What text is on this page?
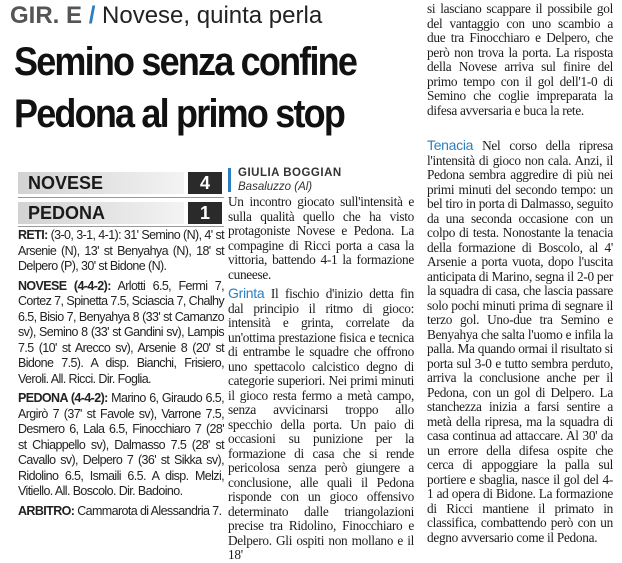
GIR. E / Novese, quinta perla
Semino senza confine
Pedona al primo stop
NOVESE	4
PEDONA	1

RETI: (3-0, 3-1, 4-1): 31' Semino (N), 4' st Arsenie (N), 13' st Benyahya (N), 18' st Delpero (P), 30' st Bidone (N).

NOVESE (4-4-2): Arlotti 6.5, Fermi 7, Cortez 7, Spinetta 7.5, Sciascia 7, Chalhy 6.5, Bisio 7, Benyahya 8 (33' st Camanzo sv), Semino 8 (33' st Gandini sv), Lampis 7.5 (10' st Arecco sv), Arsenie 8 (20' st Bidone 7.5). A disp. Bianchi, Frisiero, Veroli. All. Ricci. Dir. Foglia.

PEDONA (4-4-2): Marino 6, Giraudo 6.5, Argirò 7 (37' st Favole sv), Varrone 7.5, Desmero 6, Lala 6.5, Finocchiaro 7 (28' st Chiappello sv), Dalmasso 7.5 (28' st Cavallo sv), Delpero 7 (36' st Sikka sv), Ridolino 6.5, Ismaili 6.5. A disp. Melzi, Vitiello. All. Boscolo. Dir. Badoino.

ARBITRO: Cammarota di Alessandria 7.

GIULIA BOGGIAN
Basaluzzo (Al)
Un incontro giocato sull'intensità e sulla qualità quello che ha visto protagoniste Novese e Pedona. La compagine di Ricci porta a casa la vittoria, battendo 4-1 la formazione cuneese.
Grinta Il fischio d'inizio detta fin dal principio il ritmo di gioco: intensità e grinta, correlate da un'ottima prestazione fisica e tecnica di entrambe le squadre che offrono uno spettacolo calcistico degno di categorie superiori. Nei primi minuti il gioco resta fermo a metà campo, senza avvicinarsi troppo allo specchio della porta. Un paio di occasioni su punizione per la formazione di casa che si rende pericolosa senza però giungere a conclusione, alle quali il Pedona risponde con un gioco offensivo determinato dalle triangolazioni precise tra Ridolino, Finocchiaro e Delpero. Gli ospiti non mollano e il 18'
si lasciano scappare il possibile gol del vantaggio con uno scambio a due tra Finocchiaro e Delpero, che però non trova la porta. La risposta della Novese arriva sul finire del primo tempo con il gol dell'1-0 di Semino che coglie impreparata la difesa avversaria e buca la rete.
Tenacia Nel corso della ripresa l'intensità di gioco non cala. Anzi, il Pedona sembra aggredire di più nei primi minuti del secondo tempo: un bel tiro in porta di Dalmasso, seguito da una seconda occasione con un colpo di testa. Nonostante la tenacia della formazione di Boscolo, al 4' Arsenie a porta vuota, dopo l'uscita anticipata di Marino, segna il 2-0 per la squadra di casa, che lascia passare solo pochi minuti prima di segnare il terzo gol. Uno-due tra Semino e Benyahya che salta l'uomo e infila la palla. Ma quando ormai il risultato si porta sul 3-0 e tutto sembra perduto, arriva la conclusione anche per il Pedona, con un gol di Delpero. La stanchezza inizia a farsi sentire a metà della ripresa, ma la squadra di casa continua ad attaccare. Al 30' da un errore della difesa ospite che cerca di appoggiare la palla sul portiere e sbaglia, nasce il gol del 4-1 ad opera di Bidone. La formazione di Ricci mantiene il primato in classifica, combattendo però con un degno avversario come il Pedona.
